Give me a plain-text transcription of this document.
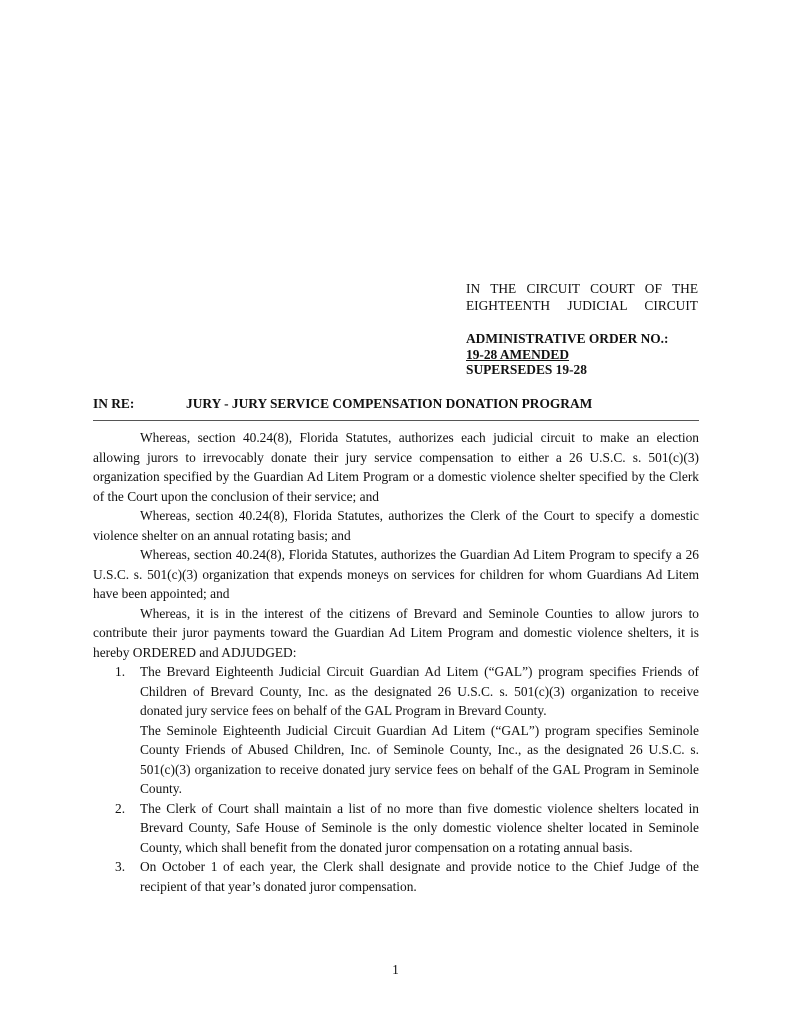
IN THE CIRCUIT COURT OF THE
EIGHTEENTH JUDICIAL CIRCUIT
ADMINISTRATIVE ORDER NO.:
19-28 AMENDED
SUPERSEDES 19-28
IN RE:	JURY - JURY SERVICE COMPENSATION DONATION PROGRAM

Whereas, section 40.24(8), Florida Statutes, authorizes each judicial circuit to make an election allowing jurors to irrevocably donate their jury service compensation to either a 26 U.S.C. s. 501(c)(3) organization specified by the Guardian Ad Litem Program or a domestic violence shelter specified by the Clerk of the Court upon the conclusion of their service; and

Whereas, section 40.24(8), Florida Statutes, authorizes the Clerk of the Court to specify a domestic violence shelter on an annual rotating basis; and

Whereas, section 40.24(8), Florida Statutes, authorizes the Guardian Ad Litem Program to specify a 26 U.S.C. s. 501(c)(3) organization that expends moneys on services for children for whom Guardians Ad Litem have been appointed; and

Whereas, it is in the interest of the citizens of Brevard and Seminole Counties to allow jurors to contribute their juror payments toward the Guardian Ad Litem Program and domestic violence shelters, it is hereby ORDERED and ADJUDGED:

1. The Brevard Eighteenth Judicial Circuit Guardian Ad Litem (“GAL”) program specifies Friends of Children of Brevard County, Inc. as the designated 26 U.S.C. s. 501(c)(3) organization to receive donated jury service fees on behalf of the GAL Program in Brevard County.
The Seminole Eighteenth Judicial Circuit Guardian Ad Litem (“GAL”) program specifies Seminole County Friends of Abused Children, Inc. of Seminole County, Inc., as the designated 26 U.S.C. s. 501(c)(3) organization to receive donated jury service fees on behalf of the GAL Program in Seminole County.
2. The Clerk of Court shall maintain a list of no more than five domestic violence shelters located in Brevard County, Safe House of Seminole is the only domestic violence shelter located in Seminole County, which shall benefit from the donated juror compensation on a rotating annual basis.
3. On October 1 of each year, the Clerk shall designate and provide notice to the Chief Judge of the recipient of that year’s donated juror compensation.
1
